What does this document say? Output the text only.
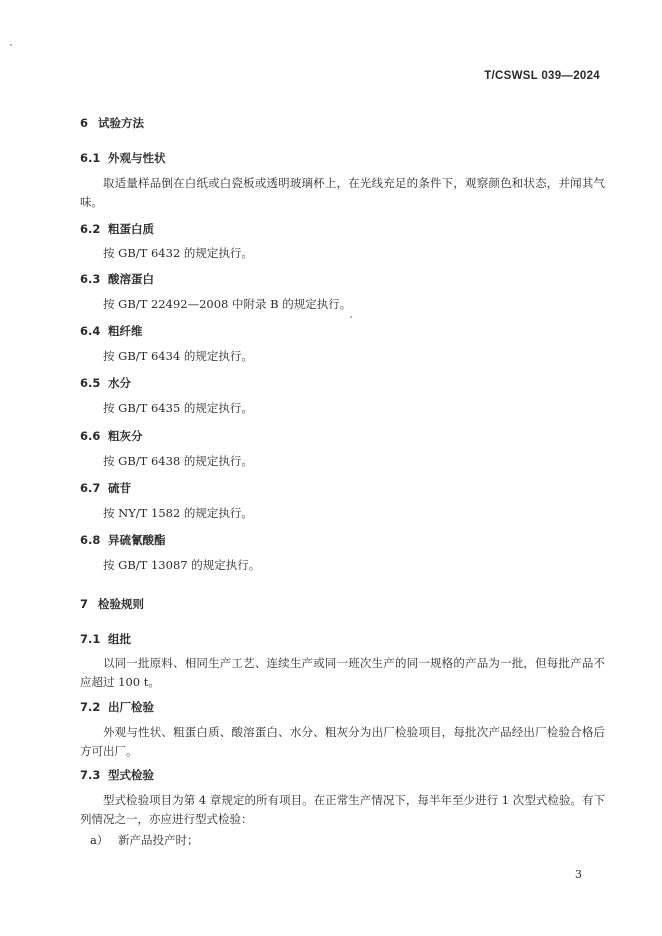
T/CSWSL 039—2024
6 试验方法
6.1 外观与性状
取适量样品倒在白纸或白瓷板或透明玻璃杯上，在光线充足的条件下，观察颜色和状态，并闻其气味。
6.2 粗蛋白质
按 GB/T 6432 的规定执行。
6.3 酸溶蛋白
按 GB/T 22492—2008 中附录 B 的规定执行。
6.4 粗纤维
按 GB/T 6434 的规定执行。
6.5 水分
按 GB/T 6435 的规定执行。
6.6 粗灰分
按 GB/T 6438 的规定执行。
6.7 硫苷
按 NY/T 1582 的规定执行。
6.8 异硫氰酸酯
按 GB/T 13087 的规定执行。
7 检验规则
7.1 组批
以同一批原料、相同生产工艺、连续生产或同一班次生产的同一规格的产品为一批，但每批产品不应超过 100 t。
7.2 出厂检验
外观与性状、粗蛋白质、酸溶蛋白、水分、粗灰分为出厂检验项目，每批次产品经出厂检验合格后方可出厂。
7.3 型式检验
型式检验项目为第 4 章规定的所有项目。在正常生产情况下，每半年至少进行 1 次型式检验。有下列情况之一，亦应进行型式检验：
a） 新产品投产时；
3
